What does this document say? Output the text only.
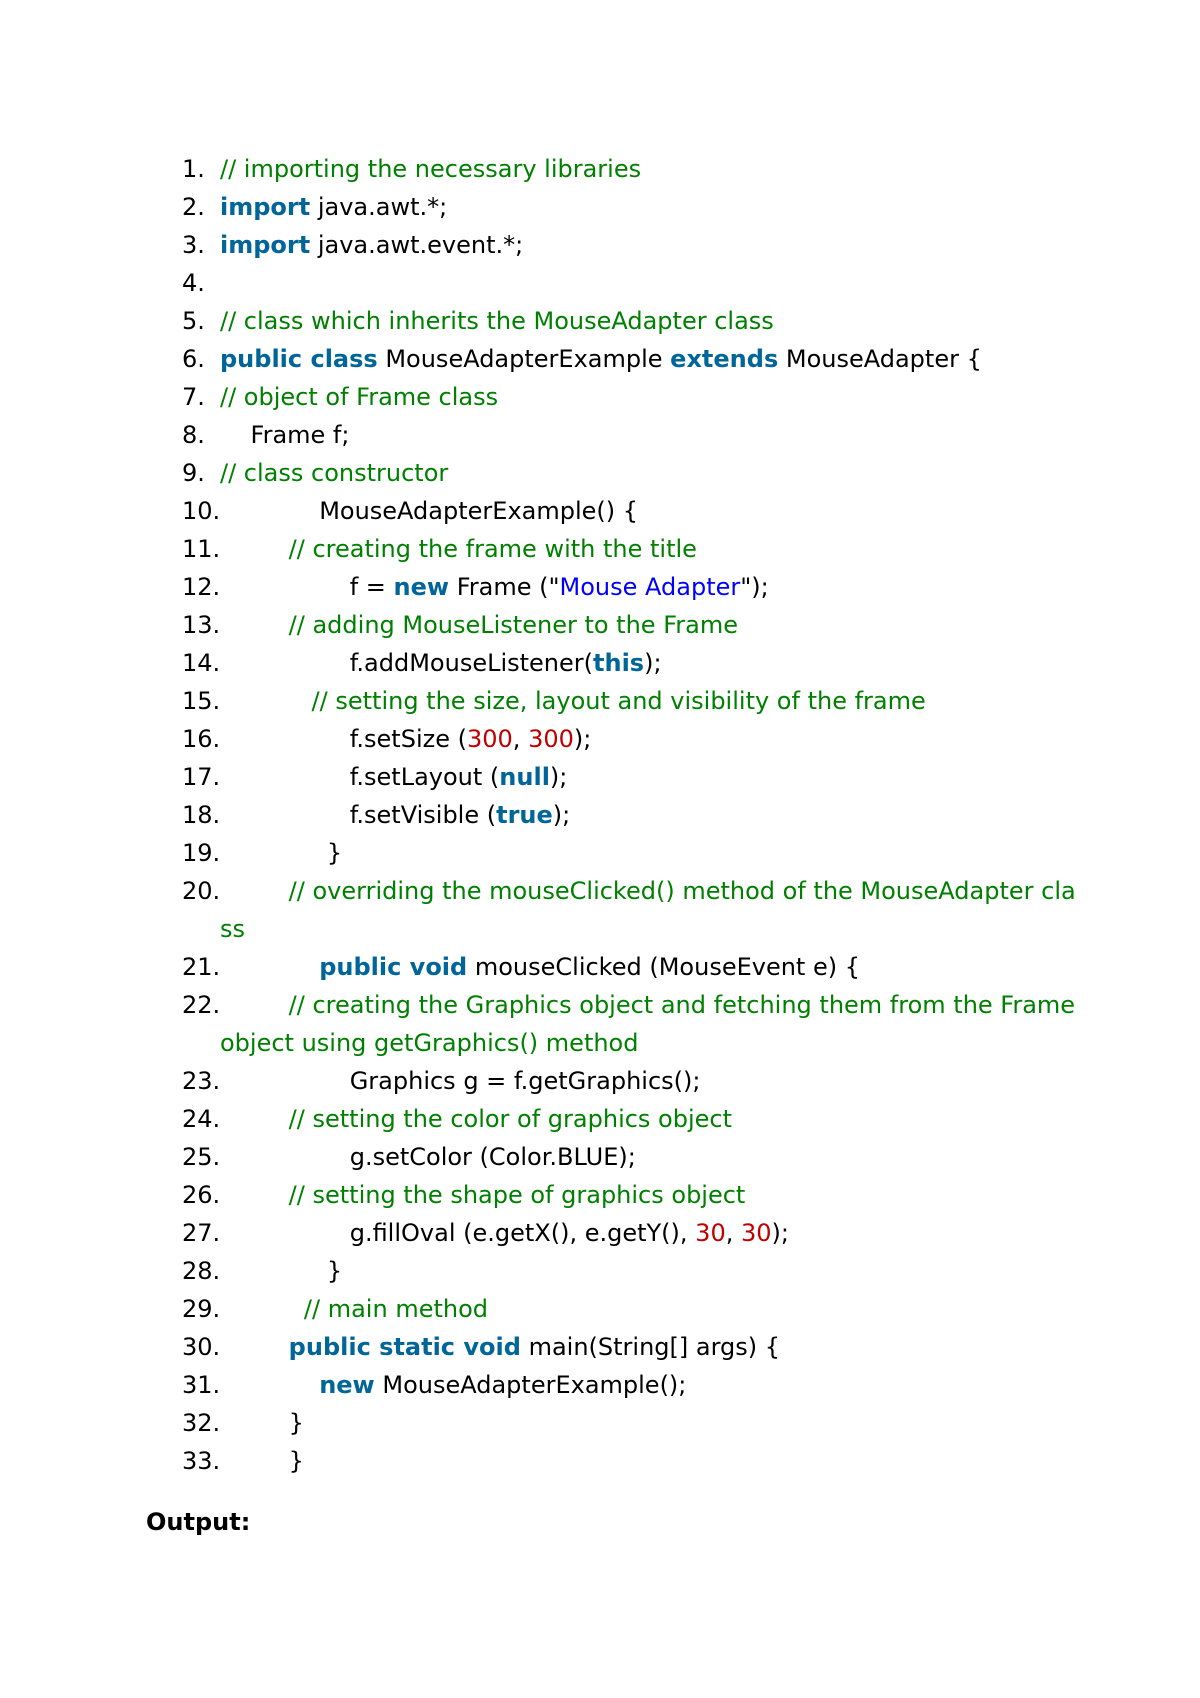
1. // importing the necessary libraries
2. import java.awt.*;
3. import java.awt.event.*;
4.
5. // class which inherits the MouseAdapter class
6. public class MouseAdapterExample extends MouseAdapter {
7. // object of Frame class
8. Frame f;
9. // class constructor
10. MouseAdapterExample() {
11.	// creating the frame with the title
12. f = new Frame ("Mouse Adapter");
13.	// adding MouseListener to the Frame
14. f.addMouseListener(this);
15.	// setting the size, layout and visibility of the frame
16. f.setSize (300, 300);
17. f.setLayout (null);
18. f.setVisible (true);
19. }
20.	// overriding the mouseClicked() method of the MouseAdapter class
21.	public void mouseClicked (MouseEvent e) {
22.	// creating the Graphics object and fetching them from the Frame object using getGraphics() method
23. Graphics g = f.getGraphics();
24.	// setting the color of graphics object
25. g.setColor (Color.BLUE);
26.	// setting the shape of graphics object
27. g.fillOval (e.getX(), e.getY(), 30, 30);
28. }
29.	// main method
30.	public static void main(String[] args) {
31.	new MouseAdapterExample();
32. }
33. }

Output:
